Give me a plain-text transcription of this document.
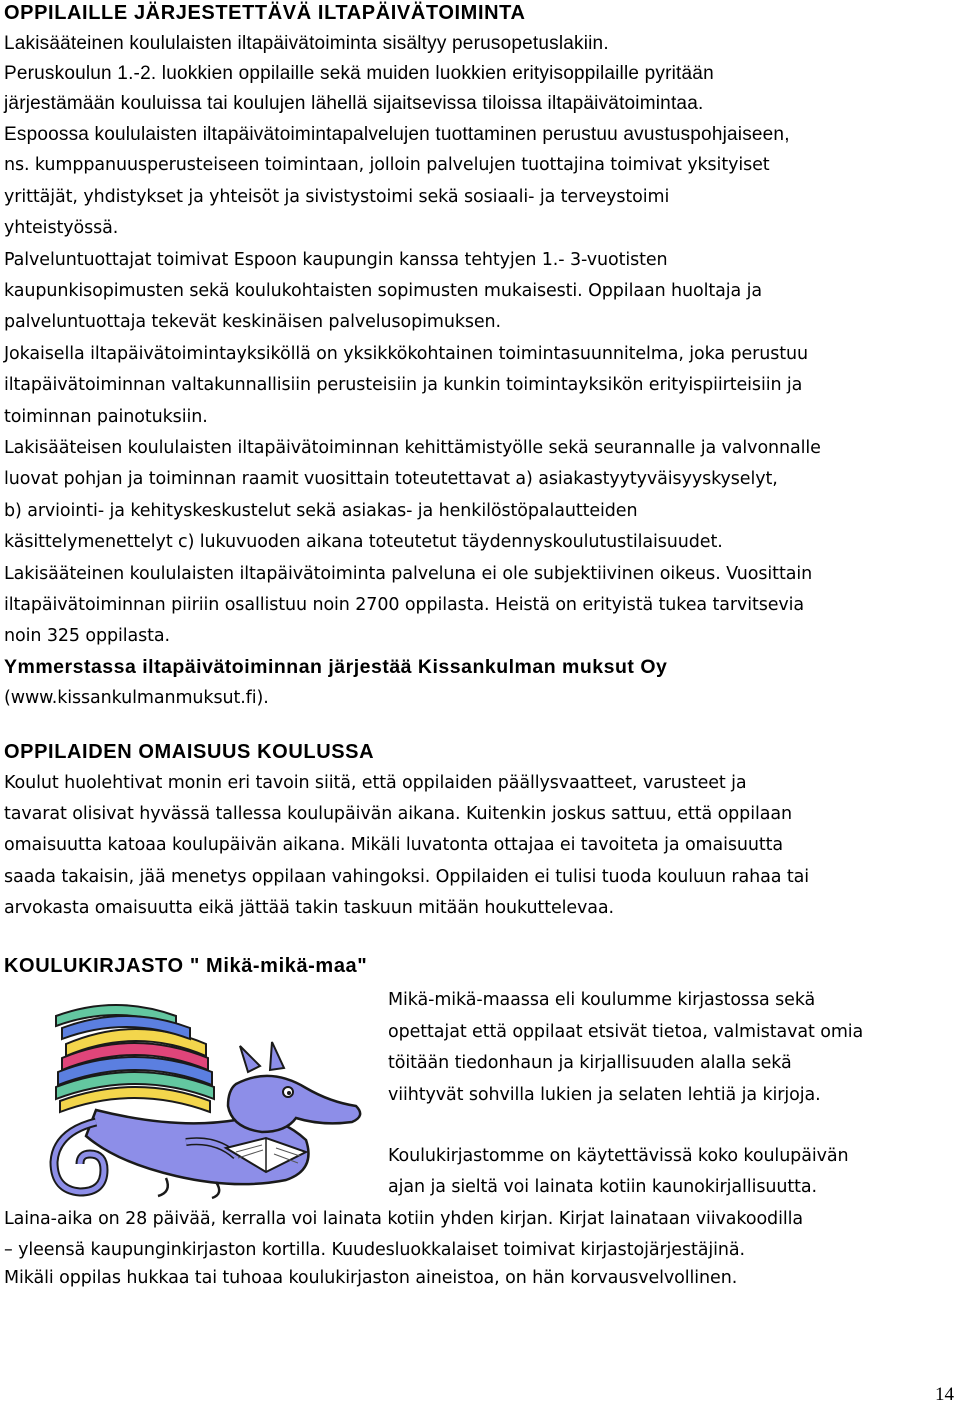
OPPILAILLE JÄRJESTETTÄVÄ ILTAPÄIVÄTOIMINTA
Lakisääteinen koululaisten iltapäivätoiminta sisältyy perusopetuslakiin.
Peruskoulun 1.-2. luokkien oppilaille sekä muiden luokkien erityisoppilaille pyritään
järjestämään kouluissa tai koulujen lähellä sijaitsevissa tiloissa iltapäivätoimintaa.
Espoossa koululaisten iltapäivätoimintapalvelujen tuottaminen perustuu avustuspohjaiseen,
ns. kumppanuusperusteiseen toimintaan, jolloin palvelujen tuottajina toimivat yksityiset
yrittäjät, yhdistykset ja yhteisöt ja sivistystoimi sekä sosiaali- ja terveystoimi
yhteistyössä.
Palveluntuottajat toimivat Espoon kaupungin kanssa tehtyjen 1.- 3-vuotisten
kaupunkisopimusten sekä koulukohtaisten sopimusten mukaisesti. Oppilaan huoltaja ja
palveluntuottaja tekevät keskinäisen palvelusopimuksen.
Jokaisella iltapäivätoimintayksiköllä on yksikkökohtainen toimintasuunnitelma, joka perustuu
iltapäivätoiminnan valtakunnallisiin perusteisiin ja kunkin toimintayksikön erityispiirteisiin ja
toiminnan painotuksiin.
Lakisääteisen koululaisten iltapäivätoiminnan kehittämistyölle sekä seurannalle ja valvonnalle
luovat pohjan ja toiminnan raamit vuosittain toteutettavat a) asiakastyytyväisyyskyselyt,
b) arviointi- ja kehityskeskustelut sekä asiakas- ja henkilöstöpalautteiden
käsittelymenettelyt c) lukuvuoden aikana toteutetut täydennyskoulutustilaisuudet.
Lakisääteinen koululaisten iltapäivätoiminta palveluna ei ole subjektiivinen oikeus. Vuosittain
iltapäivätoiminnan piiriin osallistuu noin 2700 oppilasta. Heistä on erityistä tukea tarvitsevia
noin 325 oppilasta.
Ymmerstassa iltapäivätoiminnan järjestää Kissankulman muksut Oy
(www.kissankulmanmuksut.fi).
OPPILAIDEN OMAISUUS KOULUSSA
Koulut huolehtivat monin eri tavoin siitä, että oppilaiden päällysvaatteet, varusteet ja
tavarat olisivat hyvässä tallessa koulupäivän aikana. Kuitenkin joskus sattuu, että oppilaan
omaisuutta katoaa koulupäivän aikana. Mikäli luvatonta ottajaa ei tavoiteta ja omaisuutta
saada takaisin, jää menetys oppilaan vahingoksi. Oppilaiden ei tulisi tuoda kouluun rahaa tai
arvokasta omaisuutta eikä jättää takin taskuun mitään houkuttelevaa.
KOULUKIRJASTO " Mikä-mikä-maa"
Mikä-mikä-maassa eli koulumme kirjastossa sekä
opettajat että oppilaat etsivät tietoa, valmistavat omia
töitään tiedonhaun ja kirjallisuuden alalla sekä
viihtyvät sohvilla lukien ja selaten lehtiä ja kirjoja.
Koulukirjastomme on käytettävissä koko koulupäivän
ajan ja sieltä voi lainata kotiin kaunokirjallisuutta.
Laina-aika on 28 päivää, kerralla voi lainata kotiin yhden kirjan. Kirjat lainataan viivakoodilla
– yleensä kaupunginkirjaston kortilla. Kuudesluokkalaiset toimivat kirjastojärjestäjinä.
Mikäli oppilas hukkaa tai tuhoaa koulukirjaston aineistoa, on hän korvausvelvollinen.
14
